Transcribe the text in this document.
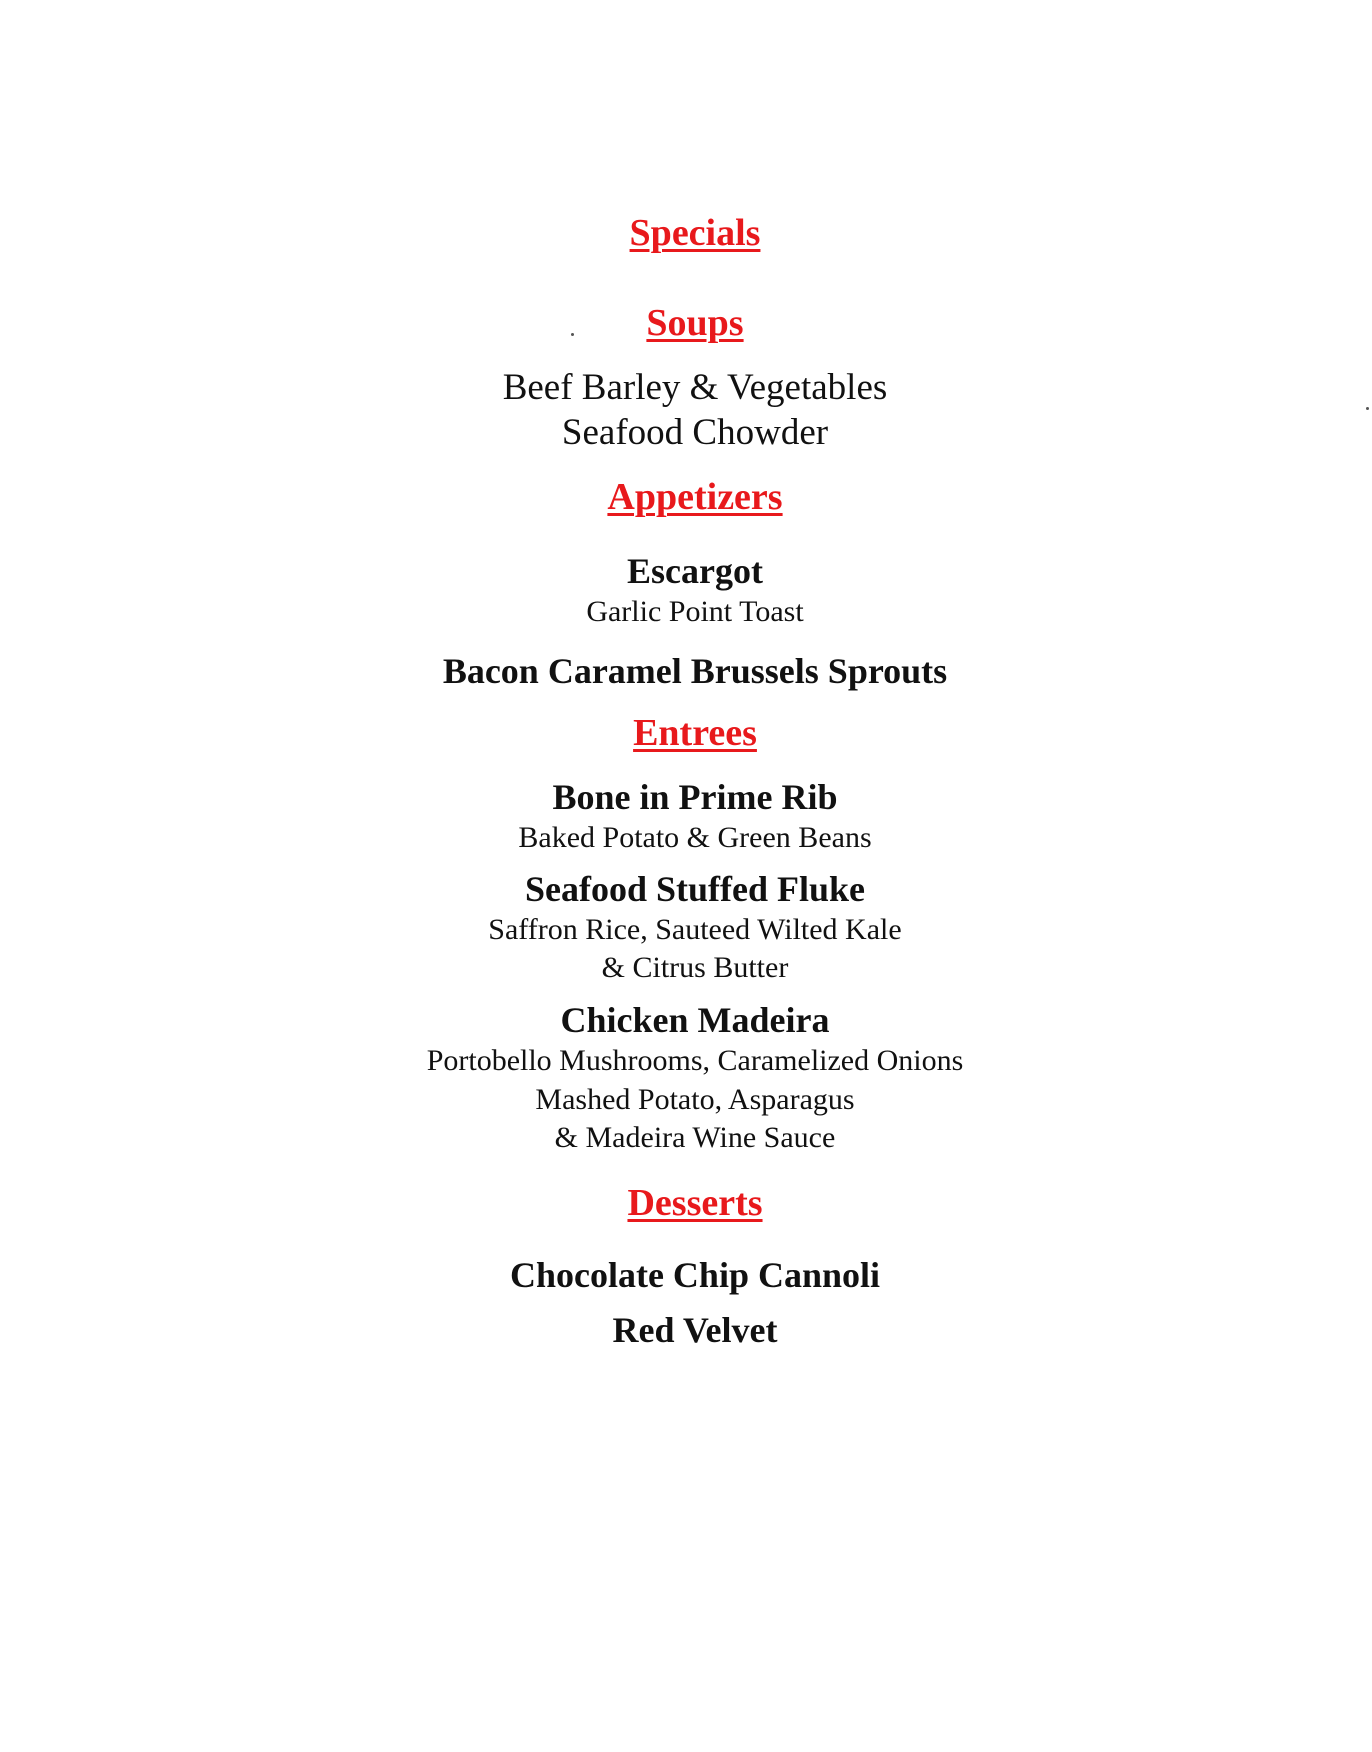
Specials
Soups
Beef Barley & Vegetables
Seafood Chowder
Appetizers
Escargot
Garlic Point Toast
Bacon Caramel Brussels Sprouts
Entrees
Bone in Prime Rib
Baked Potato & Green Beans
Seafood Stuffed Fluke
Saffron Rice, Sauteed Wilted Kale
& Citrus Butter
Chicken Madeira
Portobello Mushrooms, Caramelized Onions
Mashed Potato, Asparagus
& Madeira Wine Sauce
Desserts
Chocolate Chip Cannoli
Red Velvet
